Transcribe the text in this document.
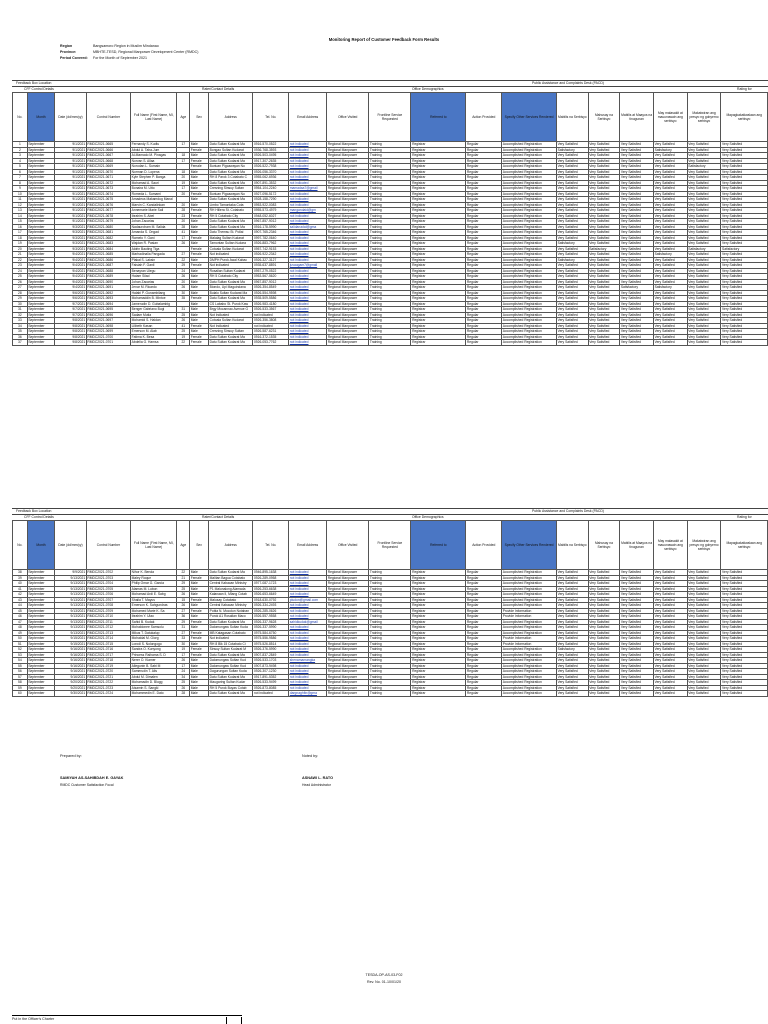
Monitoring Report of Customer Feedback Form Results
Region	Bangsamoro Region in Muslim Mindanao
Province:	MBHTE-TESD, Regional Manpower Development Center (RMDC)
Period Covered: For the Month of September 2021
Feedback Box Location	Public Assistance and Complaints Desk (PACD)
CFF Control Details	Rater/Contact Details	Office Demographics	Rating for
No.	Month	Date (dd/mm/yy)	Control Number	Full Name (First Name, MI, Last Name)	Age	Sex	Address	Tel. No.	Email Address	Office Visited	Frontline Service Requested	Referred to	Action Provided	Specify Other Services Rendered	Mabilis na Serbisyo	Mahusay na Serbisyo	Mabilis at Maayos na tinugunan	May malasakit at mauunawain ang serbisyo	Makatwiran ang presyo ng gobyerno serbisyo	Mapagkakatiwalaan ang serbisyo
1	September	9/1/2021	RMDC2021-0665	Fernandy S. Kudtu	17	Male	Datu Sultan Kudarat Ma	0916-570-0522	not indicated	Regional Manpower	Training	Registrar	Regular	Accomplished Registration	Very Satisfied	Very Satisfied	Very Satisfied	Very Satisfied	Very Satisfied	Very Satisfied
2	September	9/1/2021	RMDC2021-0666	Abdul A. Taha-Jum		Female	Bongao Sultan Kudarat	0936-768-3593	not indicated	Regional Manpower	Training	Registrar	Regular	Accomplished Registration	Satisfactory	Very Satisfied	Very Satisfied	Satisfactory	Very Satisfied	Very Satisfied
3	September	9/1/2021	RMDC2021-0667	Al-Mamado M. Pinagas	18	Male	Datu Sultan Kudarat Ma	0926-503-0495	not indicated	Regional Manpower	Training	Registrar	Regular	Accomplished Registration	Very Satisfied	Very Satisfied	Very Satisfied	Very Satisfied	Very Satisfied	Very Satisfied
4	September	9/1/2021	RMDC2021-0668	Norvan S. Allaa	17	Female	Datu Sultan Kudarat Ma	0917-307-2635	not indicated	Regional Manpower	Training	Registrar	Regular	Accomplished Registration	Very Satisfied	Very Satisfied	Very Satisfied	Very Satisfied	Very Satisfied	Very Satisfied
5	September	9/1/2021	RMDC2021-0669	Norodan L. Sumain		Female	Buriuan Pigcawayan No	0926-522-7938	not indicated	Regional Manpower	Training	Registrar	Regular	Accomplished Registration	Very Satisfied	Very Satisfied	Very Satisfied	Very Satisfied	Satisfactory	Very Satisfied
6	September	9/1/2021	RMDC2021-0670	Norman D. Lopena	18	Male	Datu Sultan Kudarat Ma	0926-056-3370	not indicated	Regional Manpower	Training	Registrar	Regular	Accomplished Registration	Very Satisfied	Very Satisfied	Very Satisfied	Very Satisfied	Very Satisfied	Very Satisfied
7	September	9/1/2021	RMDC2021-0671	Kyle Stephen P. Banga	20	Male	RH 8 Parok 3 Cotabato C	0955-062-6936	not indicated	Regional Manpower	Training	Registrar	Regular	Accomplished Registration	Very Satisfied	Very Satisfied	Very Satisfied	Very Satisfied	Very Satisfied	Very Satisfied
8	September	9/1/2021	RMDC2021-0672	Mohamad A. Sauri	19	Male	Datu Sultan Kudarat Ma	0907-891-3532	not indicated	Regional Manpower	Training	Registrar	Regular	Accomplished Registration	Very Satisfied	Very Satisfied	Very Satisfied	Very Satisfied	Very Satisfied	Very Satisfied
9	September	9/1/2021	RMDC2021-0673	Bonaira M. Utto	17	Male	Cresning Sinsuy Sultan	0954-104-2240	mamadaa7@gmail	Regional Manpower	Training	Registrar	Regular	Accomplished Registration	Very Satisfied	Very Satisfied	Very Satisfied	Very Satisfied	Very Satisfied	Very Satisfied
10	September	9/1/2021	RMDC2021-0674	Romeda L. Sumarni	20	Female	Buriuan Pigcawayan No	0927-096-5172	not indicated	Regional Manpower	Training	Registrar	Regular	Accomplished Registration	Very Satisfied	Very Satisfied	Very Satisfied	Very Satisfied	Very Satisfied	Very Satisfied
11	September	9/1/2021	RMDC2021-0675	Amadeus Makamdug Manal		Male	Datu Sultan Kudarat Ma	0928-158-7290	not indicated	Regional Manpower	Training	Registrar	Regular	Accomplished Registration	Very Satisfied	Very Satisfied	Very Satisfied	Very Satisfied	Very Satisfied	Very Satisfied
12	September	9/1/2021	RMDC2021-0676	Marvin C. Kandalinkan	20	Male	Limbo Tamontaka Cota	0953-922-0083	not indicated	Regional Manpower	Training	Registrar	Regular	Accomplished Registration	Very Satisfied	Very Satisfied	Very Satisfied	Very Satisfied	Very Satisfied	Very Satisfied
13	September	9/1/2021	RMDC2021-0677	Annemarie Marie Sali	28	Female	RH Hillera St. Cotabato	0955-573-4979	mangandaid@gm	Regional Manpower	Training	Registrar	Regular	Accomplished Registration	Very Satisfied	Very Satisfied	Very Satisfied	Very Satisfied	Very Satisfied	Very Satisfied
14	September	9/1/2021	RMDC2021-0678	Ibrahim S. Abel	23	Female	RH 5 Cotabato City	0948-052-6027	not indicated	Regional Manpower	Training	Registrar	Regular	Accomplished Registration	Very Satisfied	Very Satisfied	Very Satisfied	Very Satisfied	Very Satisfied	Very Satisfied
15	September	9/1/2021	RMDC2021-0679	Johan Zacarias	20	Male	Datu Sultan Kudarat Ma	0967-857-9012	not indicated	Regional Manpower	Training	Registrar	Regular	Accomplished Registration	Very Satisfied	Very Satisfied	Very Satisfied	Very Satisfied	Very Satisfied	Very Satisfied
16	September	9/3/2021	RMDC2021-0680	Nadauroham M. Salida	28	Male	Datu Sultan Kudarat Ma	0916-178-5990	salidanadal@gma	Regional Manpower	Training	Registrar	Regular	Accomplished Registration	Very Satisfied	Very Satisfied	Very Satisfied	Very Satisfied	Very Satisfied	Very Satisfied
17	September	9/3/2021	RMDC2021-0681	Amanda S. Ongad	41	Male	Datu Themsu St. Pollai	0907-765-2346	not indicated	Regional Manpower	Training	Registrar	Regular	Accomplished Registration	Very Satisfied	Very Satisfied	Very Satisfied	Very Satisfied	Very Satisfied	Very Satisfied
18	September	9/3/2021	RMDC2021-0682	Ramelo Y. Gani	17	Female	Malalag Sultan Kudarat	0997-782-0640	not indicated	Regional Manpower	Training	Registrar	Regular	Accomplished Registration	Very Satisfied	Very Satisfied	Very Satisfied	Very Satisfied	Very Satisfied	Very Satisfied
19	September	9/3/2021	RMDC2021-0683	Wajdan R. Pasian	26	Male	Tamontan Sultan Kudara	0926-883-7962	not indicated	Regional Manpower	Training	Registrar	Regular	Accomplished Registration	Satisfactory	Very Satisfied	Very Satisfied	Very Satisfied	Very Satisfied	Very Satisfied
20	September	9/3/2021	RMDC2021-0684	Aldrin Bauting Tiga		Female	Cotoala Sultan Kudarat	0957-742-9153	not indicated	Regional Manpower	Training	Registrar	Regular	Accomplished Registration	Very Satisfied	Satisfactory	Very Satisfied	Very Satisfied	Satisfactory	Satisfactory
21	September	9/4/2021	RMDC2021-0685	Marhadinalia Pangada	27	Female	Not indicated	0926-922-2342	not indicated	Regional Manpower	Training	Registrar	Regular	Accomplished Registration	Very Satisfied	Very Satisfied	Very Satisfied	Satisfactory	Very Satisfied	Very Satisfied
22	September	9/4/2021	RMDC2021-0686	Plakal S. Laksin	22	Male	DMPH Purok Awal Kabac	0926-327-3127	not indicated	Regional Manpower	Training	Registrar	Regular	Accomplished Registration	Satisfactory	Very Satisfied	Very Satisfied	Very Satisfied	Very Satisfied	Very Satisfied
23	September	9/4/2021	RMDC2021-0687	Faisiah F. Ganil	29	Female	Not indicated	0935-637-8891	juvaugam7@gmail	Regional Manpower	Training	Registrar	Regular	Accomplished Registration	Very Satisfied	Very Satisfied	Very Satisfied	Very Satisfied	Very Satisfied	Very Satisfied
24	September	9/4/2021	RMDC2021-0688	Benayran Ulegu	24	Male	Rosalian Sultan Kudarat	0957-279-0522	not indicated	Regional Manpower	Training	Registrar	Regular	Accomplished Registration	Very Satisfied	Very Satisfied	Very Satisfied	Very Satisfied	Very Satisfied	Very Satisfied
25	September	9/4/2021	RMDC2021-0689	Haiam Silad	26	Male	RH 5 Cotabato City	0953-567-5620	not indicated	Regional Manpower	Training	Registrar	Regular	Accomplished Registration	Very Satisfied	Very Satisfied	Very Satisfied	Very Satisfied	Very Satisfied	Very Satisfied
26	September	9/4/2021	RMDC2021-0690	Johan Zacarias	20	Male	Datu Sultan Kudarat Ma	0967-857-9012	not indicated	Regional Manpower	Training	Registrar	Regular	Accomplished Registration	Very Satisfied	Very Satisfied	Very Satisfied	Very Satisfied	Very Satisfied	Very Satisfied
27	September	9/4/2021	RMDC2021-0691	Jenar M. Ricardo	26	Male	Biondo, Upi Maguindana	0926-354-8549	not indicated	Regional Manpower	Training	Registrar	Regular	Accomplished Registration	Very Satisfied	Very Satisfied	Satisfactory	Satisfactory	Very Satisfied	Very Satisfied
28	September	9/6/2021	RMDC2021-0692	Halabi P. Gunambilang	30	Male	Bulalo Sultan Kudarat Ma	0926-554-9598	not indicated	Regional Manpower	Training	Registrar	Regular	Accomplished Registration	Very Satisfied	Very Satisfied	Very Satisfied	Very Satisfied	Very Satisfied	Very Satisfied
29	September	9/6/2021	RMDC2021-0693	Mohamaddin B. Mintoe	35	Female	Datu Sultan Kudarat Ma	0935-509-5586	not indicated	Regional Manpower	Training	Registrar	Regular	Accomplished Registration	Very Satisfied	Very Satisfied	Very Satisfied	Very Satisfied	Very Satisfied	Very Satisfied
30	September	9/7/2021	RMDC2021-0694	Jamerudin D. Gubalambig		Male	CS Lababo St. Purok Kaw	0926-983-4180	not indicated	Regional Manpower	Training	Registrar	Regular	Accomplished Registration	Very Satisfied	Very Satisfied	Very Satisfied	Very Satisfied	Very Satisfied	Very Satisfied
31	September	9/7/2021	RMDC2021-0695	Benger Gabriano Bugi	31	Male	Brgy Mocannao Avenue G	0926-533-3567	not indicated	Regional Manpower	Training	Registrar	Regular	Accomplished Registration	Very Satisfied	Very Satisfied	Very Satisfied	Very Satisfied	Very Satisfied	Very Satisfied
32	September	9/7/2021	RMDC2021-0696	Sadam Mutia	25	Male	Not Indicated	not indicated	not indicated	Regional Manpower	Training	Registrar	Regular	Accomplished Registration	Very Satisfied	Very Satisfied	Very Satisfied	Very Satisfied	Very Satisfied	Very Satisfied
33	September	9/8/2021	RMDC2021-0697	Mohamid S. Haldan	26	Male	Cotoala Sultan Kudarat	0926-356-3808	not indicated	Regional Manpower	Training	Registrar	Regular	Accomplished Registration	Very Satisfied	Very Satisfied	Very Satisfied	Very Satisfied	Very Satisfied	Very Satisfied
34	September	9/8/2021	RMDC2021-0698	Lilibeth Kasan	41	Female	Not Indicated	not indicated	not indicated	Regional Manpower	Training	Registrar	Regular	Accomplished Registration	Very Satisfied	Very Satisfied	Very Satisfied	Very Satisfied	Very Satisfied	Very Satisfied
35	September	9/8/2021	RMDC2021-0699	Emerson M. Alab	25	Male	Cresning Sinsuy Sultan	0926-587-6231	not indicated	Regional Manpower	Training	Registrar	Regular	Accomplished Registration	Very Satisfied	Very Satisfied	Very Satisfied	Very Satisfied	Very Satisfied	Very Satisfied
36	September	9/8/2021	RMDC2021-0700	Fatima K. Besa	19	Female	Datu Sultan Kudarat Ma	0916-372-1535	not indicated	Regional Manpower	Training	Registrar	Regular	Accomplished Registration	Very Satisfied	Very Satisfied	Very Satisfied	Very Satisfied	Very Satisfied	Very Satisfied
37	September	9/8/2021	RMDC2021-0701	Abdelia G. Hamsa	22	Female	Datu Sultan Kudarat Ma	0926-053-7762	not indicated	Regional Manpower	Training	Registrar	Regular	Accomplished Registration	Very Satisfied	Very Satisfied	Very Satisfied	Very Satisfied	Very Satisfied	Very Satisfied
Feedback Box Location	Public Assistance and Complaints Desk (PACD)
CFF Control Details	Rater/Contact Details	Office Demographics	Rating for
No.	Month	Date (dd/mm/yy)	Control Number	Full Name (First Name, MI, Last Name)	Age	Sex	Address	Tel. No.	Email Address	Office Visited	Frontline Service Requested	Referred to	Action Provided	Specify Other Services Rendered	Mabilis na Serbisyo	Mahusay na Serbisyo	Mabilis at Maayos na tinugunan	May malasakit at mauunawain ang serbisyo	Makatwiran ang presyo ng gobyerno serbisyo	Mapagkakatiwalaan ang serbisyo
38	September	9/9/2021	RMDC2021-0702	Nihor K. Benda	22	Male	Datu Sultan Kudarat Ma	0946-895-1638	not indicated	Regional Manpower	Training	Registrar	Regular	Accomplished Registration	Very Satisfied	Very Satisfied	Very Satisfied	Very Satisfied	Very Satisfied	Very Satisfied
39	September	9/13/2021	RMDC2021-0703	Maley Roque	21	Female	Malitan Bagua Cotabato	0926-289-0958	not indicated	Regional Manpower	Training	Registrar	Regular	Accomplished Registration	Very Satisfied	Very Satisfied	Very Satisfied	Very Satisfied	Very Satisfied	Very Satisfied
40	September	9/13/2021	RMDC2021-0704	Philip Omar G. Garcia	29	Male	Central Kabacan Ministry	0977-087-1723	not indicated	Regional Manpower	Training	Registrar	Regular	Accomplished Registration	Very Satisfied	Very Satisfied	Very Satisfied	Very Satisfied	Very Satisfied	Very Satisfied
41	September	9/13/2021	RMDC2021-0705	Alamas M. Lubon	25	Male	P1 Malunalong Alamada	0926-253-6638	not indicated	Regional Manpower	Training	Registrar	Regular	Accomplished Registration	Very Satisfied	Very Satisfied	Very Satisfied	Very Satisfied	Very Satisfied	Very Satisfied
42	September	9/13/2021	RMDC2021-0706	Mohamad Ardi E. Sabg	26	Male	Kalanaan II, Mlang Cotab	0926-653-6649	not indicated	Regional Manpower	Training	Registrar	Regular	Accomplished Registration	Very Satisfied	Very Satisfied	Very Satisfied	Very Satisfied	Very Satisfied	Very Satisfied
43	September	9/13/2021	RMDC2021-0707	Shaila T. Mayus	15	Female	Malusay Cotabato	0918-630-0792	pludon@gmail.com	Regional Manpower	Training	Registrar	Regular	Accomplished Registration	Very Satisfied	Very Satisfied	Very Satisfied	Very Satisfied	Very Satisfied	Very Satisfied
44	September	9/13/2021	RMDC2021-0708	Emerson K. Sahgundras	26	Male	Central Kabacan Ministry	0926-334-2493	not indicated	Regional Manpower	Training	Registrar	Regular	Accomplished Registration	Very Satisfied	Very Satisfied	Very Satisfied	Very Satisfied	Very Satisfied	Very Satisfied
45	September	9/13/2021	RMDC2021-0709	Mohamed Marie K. Sa	27	Female	Pobla N. Mocolun Notaban	0926-285-0626	not indicated	Regional Manpower	Training	Registrar	Regular	Provide Information	Very Satisfied	Very Satisfied	Very Satisfied	Very Satisfied	Very Satisfied	Very Satisfied
46	September	9/13/2021	RMDC2021-0710	Ibrahim Y. Ulao	36	Male	Purok A1 Rosalian Maco	0926-557-9558	not indicated	Regional Manpower	Training	Registrar	Regular	Provide Information	Very Satisfied	Very Satisfied	Very Satisfied	Very Satisfied	Very Satisfied	Very Satisfied
47	September	9/13/2021	RMDC2021-0711	Sahid B. Kudak	29	Female	Datu Sultan Kudarat Ma	0926-337-9628	sahidkudak@gmail	Regional Manpower	Training	Registrar	Regular	Accomplished Registration	Very Satisfied	Very Satisfied	Very Satisfied	Very Satisfied	Very Satisfied	Very Satisfied
48	September	9/13/2021	RMDC2021-0712	Mohaldonee Samsolu	31	Male	Dalomungaw Sultan Kuda	0926-337-5990	not indicated	Regional Manpower	Training	Registrar	Regular	Accomplished Registration	Very Satisfied	Very Satisfied	Very Satisfied	Very Satisfied	Very Satisfied	Very Satisfied
49	September	9/13/2021	RMDC2021-0713	Mikus T. Datukalup	27	Female	MB Katagasan Cotabato	0975-584-6750	not indicated	Regional Manpower	Training	Registrar	Regular	Accomplished Registration	Very Satisfied	Very Satisfied	Very Satisfied	Very Satisfied	Very Satisfied	Very Satisfied
50	September	9/15/2021	RMDC2021-0714	Mohaidal M. Giorg	33	Female	Not indicated	0975-556-9586	not indicated	Regional Manpower	Training	Registrar	Regular	Provide Information	Very Satisfied	Very Satisfied	Very Satisfied	Very Satisfied	Very Satisfied	Very Satisfied
51	September	9/15/2021	RMDC2021-0715	Lorodi S. Nolongogo	30	Male	RH 8 Blk 15 Cotabato Ci	0975-526-8514	not indicated	Regional Manpower	Training	Registrar	Regular	Provide Information	Very Satisfied	Very Satisfied	Very Satisfied	Very Satisfied	Very Satisfied	Very Satisfied
52	September	9/16/2021	RMDC2021-0716	Sandra O. Kunyong	19	Female	Sinsuy Sultan Kudarat M	0926-376-5990	not indicated	Regional Manpower	Training	Registrar	Regular	Accomplished Registration	Satisfactory	Very Satisfied	Very Satisfied	Very Satisfied	Very Satisfied	Very Satisfied
53	September	9/16/2021	RMDC2021-0717	Princess Raihama S. D	17	Female	Datu Sultan Kudarat Ma	0907-837-2849	not indicated	Regional Manpower	Training	Registrar	Regular	Accomplished Registration	Very Satisfied	Very Satisfied	Very Satisfied	Very Satisfied	Very Satisfied	Very Satisfied
54	September	9/16/2021	RMDC2021-0718	Nerer O. Kiamer	26	Male	Dalomungaw Sultan Kud	0926-533-1703	shenamamangka	Regional Manpower	Training	Registrar	Regular	Accomplished Registration	Very Satisfied	Very Satisfied	Very Satisfied	Very Satisfied	Very Satisfied	Very Satisfied
55	September	9/16/2021	RMDC2021-0719	Allegunin B. Sabi M	17	Male	Dalomungaw Sultan Kud	0907-873-9498	not indicated	Regional Manpower	Training	Registrar	Regular	Accomplished Registration	Very Satisfied	Very Satisfied	Very Satisfied	Very Satisfied	Very Satisfied	Very Satisfied
56	September	9/16/2021	RMDC2021-0720	Samerudin T. Alis	24	Male	Dagurungan Sultan Kuda	0926-307-1230	not indicated	Regional Manpower	Training	Registrar	Regular	Accomplished Registration	Very Satisfied	Very Satisfied	Very Satisfied	Very Satisfied	Very Satisfied	Very Satisfied
57	September	9/16/2021	RMDC2021-0721	Abdul M. Dimalen	34	Male	Datu Sultan Kudarat Ma	0917-891-5352	not indicated	Regional Manpower	Training	Registrar	Regular	Accomplished Registration	Very Satisfied	Very Satisfied	Very Satisfied	Very Satisfied	Very Satisfied	Very Satisfied
58	September	9/20/2021	RMDC2021-0722	Mohamadin D. Blugg	25	Male	Maugaring Sultan Kudar	0926-533-9499	not indicated	Regional Manpower	Training	Registrar	Regular	Accomplished Registration	Very Satisfied	Very Satisfied	Very Satisfied	Very Satisfied	Very Satisfied	Very Satisfied
59	September	9/20/2021	RMDC2021-0723	Aisamin S. Sangki	26	Male	RH 5 Purok Buyas Cotab	0926-873-8085	not indicated	Regional Manpower	Training	Registrar	Regular	Accomplished Registration	Very Satisfied	Very Satisfied	Very Satisfied	Very Satisfied	Very Satisfied	Very Satisfied
60	September	9/30/2021	RMDC2021-0724	Mohammedin E. Dato	28	Male	Datu Sultan Kudarat Ma	not indicated	dargnaghfin@gma	Regional Manpower	Training	Registrar	Regular	Accomplished Registration	Very Satisfied	Very Satisfied	Very Satisfied	Very Satisfied	Very Satisfied	Very Satisfied
Prepared by:
SAMIYAH AS-SAHIBDAH E. GAYAK
RMDC Customer Satisfaction Focal
Noted by:
ASNAWI L. RATO
Head Administrator
TESDA-OP-AS-03-F02
Rev. No. 01-10/01/20
Put in the Officer's Charter
